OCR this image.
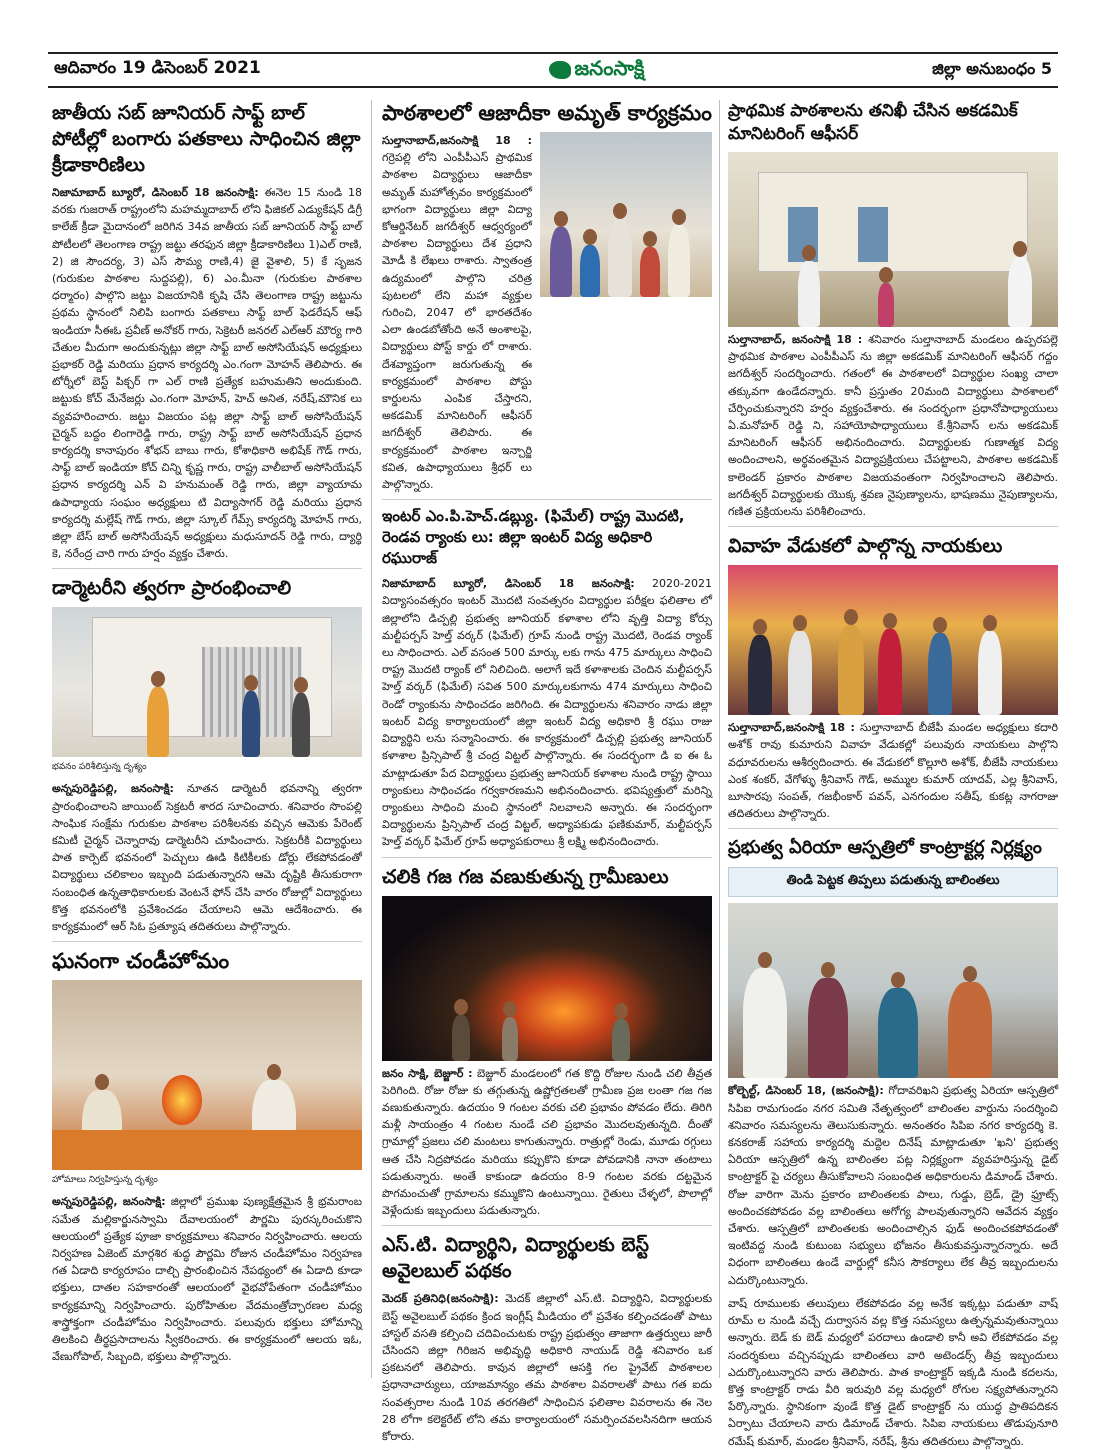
ఆదివారం 19 డిసెంబర్ 2021	జనంసాక్షి	జిల్లా అనుబంధం 5
జాతీయ సబ్ జూనియర్ సాఫ్ట్ బాల్ పోటీల్లో బంగారు పతకాలు సాధించిన జిల్లా క్రీడాకారిణిలు

నిజామాబాద్ బ్యూరో, డిసెంబర్ 18 జనంసాక్షి: ఈనెల 15 నుండి 18 వరకు గుజరాత్ రాష్ట్రంలోని మహమ్మదాబాద్ లోని ఫిజికల్ ఎడ్యుకేషన్ డిగ్రీ కాలేజ్ క్రీడా మైదానంలో జరిగిన 34వ జాతీయ సబ్ జూనియర్ సాఫ్ట్ బాల్ పోటీలలో తెలంగాణ రాష్ట్ర జట్టు తరఫున జిల్లా క్రీడాకారిణిలు 1)ఎల్ రాణి, 2) జి సౌందర్య, 3) ఎస్ సౌమ్య రాణి,4) జై వైశాలి, 5) కే సృజన (గురుకుల పాఠశాల సుద్దపల్లి), 6) ఎం.మీనా (గురుకుల పాఠశాల ధర్మారం) పాల్గొని జట్టు విజయానికి కృషి చేసి తెలంగాణ రాష్ట్ర జట్టును ప్రథమ స్థానంలో నిలిపి బంగారు పతకాలు సాఫ్ట్ బాల్ ఫెడరేషన్ ఆఫ్ ఇండియా సీఈఓ ప్రవీణ్ అనోకర్ గారు, సెక్రెటరీ జనరల్ ఎల్ఆర్ మౌర్య గారి చేతుల మీదుగా అందుకున్నట్లు జిల్లా సాఫ్ట్ బాల్ అసోసియేషన్ అధ్యక్షులు ప్రభాకర్ రెడ్డి మరియు ప్రధాన కార్యదర్శి ఎం.గంగా మోహన్ తెలిపారు. ఈ టోర్నీలో బెస్ట్ పిక్చర్ గా ఎల్ రాణి ప్రత్యేక బహుమతిని అందుకుంది. జట్టుకు కోచ్ మేనేజర్లు ఎం.గంగా మోహన్, హెచ్ అనిత, నరేష్,మౌనిక లు వ్యవహరించారు. జట్టు విజయం పట్ల జిల్లా సాఫ్ట్ బాల్ అసోసియేషన్ చైర్మన్ బద్దం లింగారెడ్డి గారు, రాష్ట్ర సాఫ్ట్ బాల్ అసోసియేషన్ ప్రధాన కార్యదర్శి కానాపురం శోభన్ బాబు గారు, కోశాధికారి అభిషేక్ గౌడ్ గారు, సాఫ్ట్ బాల్ ఇండియా కోచ్ చిన్ని కృష్ణ గారు, రాష్ట్ర వాలీబాల్ అసోసియేషన్ ప్రధాన కార్యదర్శి ఎన్ వి హనుమంత్ రెడ్డి గారు, జిల్లా వ్యాయామ ఉపాధ్యాయ సంఘం అధ్యక్షులు టి విద్యాసాగర్ రెడ్డి మరియు ప్రధాన కార్యదర్శి మల్లేష్ గౌడ్ గారు, జిల్లా స్కూల్ గేమ్స్ కార్యదర్శి మోహన్ గారు, జిల్లా బేస్ బాల్ అసోసియేషన్ అధ్యక్షులు మధుసూదన్ రెడ్డి గారు, ద్యార్థి కె, నరేంద్ర చారి గారు హర్షం వ్యక్తం చేశారు.

డార్మెటరీని త్వరగా ప్రారంభించాలి
భవనం పరిశీలిస్తున్న దృశ్యం

అన్నపురెడ్డిపల్లి, జనంసాక్షి: నూతన డార్మెటరీ భవనాన్ని త్వరగా ప్రారంభించాలని జాయింట్ సెక్రటరీ శారద సూచించారు. శనివారం సొంపల్లి సాంఘిక సంక్షేమ గురుకుల పాఠశాల పరిశీలనకు వచ్చిన ఆమెకు పేరెంట్ కమిటీ చైర్మన్ చెన్నారావు డార్మెటరీని చూపించారు. సెక్రటరీకి విద్యార్థులు పాత కార్పెట్ భవనంలో పెచ్చులు ఊడి కిటికీలకు డోర్లు లేకపోవడంతో విద్యార్థులు చలికాలం ఇబ్బంది పడుతున్నారని ఆమె దృష్టికి తీసుకురాగా సంబంధిత ఉన్నతాధికారులకు వెంటనే ఫోన్ చేసి వారం రోజుల్లో విద్యార్థులు కొత్త భవనంలోకి ప్రవేశించడం చేయాలని ఆమె ఆదేశించారు. ఈ కార్యక్రమంలో ఆర్ సిఓ ప్రత్యూష తదితరులు పాల్గొన్నారు.

ఘనంగా చండీహోమం
హోమాలు నిర్వహిస్తున్న దృశ్యం

అన్నపురెడ్డిపల్లి, జనంసాక్షి: జిల్లాలో ప్రముఖ పుణ్యక్షేత్రమైన శ్రీ భ్రమరాంబ సమేత మల్లికార్జునస్వామి దేవాలయంలో పౌర్ణమి పురస్కరించుకొని ఆలయంలో ప్రత్యేక పూజా కార్యక్రమాలు శనివారం నిర్వహించారు. ఆలయ నిర్వహణ ఏజెంట్ మార్గశిర శుద్ధ పౌర్ణమి రోజున చండీహోమం నిర్వహణ గత ఏడాది కార్యరూపం దాల్చి ప్రారంభించిన నేపథ్యంలో ఈ ఏడాది కూడా భక్తులు, దాతల సహకారంతో ఆలయంలో వైభవోపేతంగా చండీహోమం కార్యక్రమాన్ని నిర్వహించారు. పురోహితుల వేదమంత్రోచ్ఛారణల మధ్య శాస్త్రోక్తంగా చండీహోమం నిర్వహించారు. పలువురు భక్తులు హోమాన్ని తిలకించి తీర్థప్రసాదాలను స్వీకరించారు. ఈ కార్యక్రమంలో ఆలయ ఇఓ, వేణుగోపాల్, సిబ్బంది, భక్తులు పాల్గొన్నారు.

పాఠశాలలో ఆజాదీకా అమృత్ కార్యక్రమం

సుల్తానాబాద్,జనంసాక్షి 18 : గర్రెపల్లి లోని ఎంపీపీఎస్ ప్రాథమిక పాఠశాల విద్యార్థులు ఆజాదీకా అమృత్ మహోత్సవం కార్యక్రమంలో భాగంగా విద్యార్థులు జిల్లా విద్యా కోఆర్డినేటర్ జగదీశ్వర్ ఆధ్వర్యంలో పాఠశాల విద్యార్థులు దేశ ప్రధాని మోడీ కి లేఖలు రాశారు. స్వాతంత్ర ఉద్యమంలో పాల్గొని చరిత్ర పుటలలో లేని మహా వ్యక్తుల గురించి, 2047 లో భారతదేశం ఎలా ఉండబోతోంది అనే అంశాలపై, విద్యార్థులు పోస్ట్ కార్డు లో రాశారు. దేశవ్యాప్తంగా జరుగుతున్న ఈ కార్యక్రమంలో పాఠశాల పోస్టు కార్డులను ఎంపిక చేస్తారని, అకడమిక్ మానిటరింగ్ ఆఫీసర్ జగదీశ్వర్ తెలిపారు. ఈ కార్యక్రమంలో పాఠశాల ఇన్చార్జి కవిత, ఉపాధ్యాయులు శ్రీధర్ లు పాల్గొన్నారు.

ఇంటర్ ఎం.పి.హెచ్.డబ్ల్యు. (ఫిమేల్) రాష్ట్ర మొదటి, రెండవ ర్యాంకు లు: జిల్లా ఇంటర్ విద్య అధికారి రఘురాజ్

నిజామాబాద్ బ్యూరో, డిసెంబర్ 18 జనంసాక్షి: 2020-2021 విద్యాసంవత్సరం ఇంటర్ మొదటి సంవత్సరం విద్యార్థుల పరీక్షల ఫలితాల లో జిల్లాలోని డిచ్పల్లి ప్రభుత్వ జూనియర్ కళాశాల లోని వృత్తి విద్యా కోర్సు మల్టీపర్పస్ హెల్త్ వర్కర్ (ఫిమేల్) గ్రూప్ నుండి రాష్ట్ర మొదటి, రెండవ ర్యాంక్ లు సాధించారు. ఎల్ వసంత 500 మార్కు లకు గాను 475 మార్కులు సాధించి రాష్ట్ర మొదటి ర్యాంక్ లో నిలిచింది. అలాగే ఇదే కళాశాలకు చెందిన మల్టీపర్పస్ హెల్త్ వర్కర్ (ఫిమేల్) సవిత 500 మార్కులకుగాను 474 మార్కులు సాధించి రెండో ర్యాంకును సాధించడం జరిగింది. ఈ విద్యార్థులను శనివారం నాడు జిల్లా ఇంటర్ విద్య కార్యాలయంలో జిల్లా ఇంటర్ విద్య అధికారి శ్రీ రఘు రాజు విద్యార్థిని లను సన్మానించారు. ఈ కార్యక్రమంలో డిచ్పల్లి ప్రభుత్వ జూనియర్ కళాశాల ప్రిన్సిపాల్ శ్రీ చంద్ర విట్టల్ పాల్గొన్నారు. ఈ సందర్భంగా డి ఐ ఈ ఓ మాట్లాడుతూ పేద విద్యార్థులు ప్రభుత్వ జూనియర్ కళాశాల నుండి రాష్ట్ర స్థాయి ర్యాంకులు సాధించడం గర్వకారణమని అభినందించారు. భవిష్యత్తులో మరిన్ని ర్యాంకులు సాధించి మంచి స్థానంలో నిలవాలని అన్నారు. ఈ సందర్భంగా విద్యార్థులను ప్రిన్సిపాల్ చంద్ర విట్టల్, అధ్యాపకుడు ఫణికుమార్, మల్టీపర్పస్ హెల్త్ వర్కర్ ఫిమేల్ గ్రూప్ అధ్యాపకురాలు శ్రీ లక్ష్మి అభినందించారు.

చలికి గజ గజ వణుకుతున్న గ్రామీణులు

జనం సాక్షి, బెజ్జూర్ : బెజ్జూర్ మండలంలో గత కొద్ది రోజుల నుండి చలి తీవ్రత పెరిగింది. రోజు రోజు కు తగ్గుతున్న ఉష్ణోగ్రతలతో గ్రామీణ ప్రజ లంతా గజ గజ వణుకుతున్నారు. ఉదయం 9 గంటల వరకు చలి ప్రభావం పోవడం లేదు. తిరిగి మళ్లీ సాయంత్రం 4 గంటల నుండే చలి ప్రభావం మొదలవుతున్నది. దీంతో గ్రామాల్లో ప్రజలు చలి మంటలు కాగుతున్నారు. రాత్రుల్లో రెండు, మూడు రగ్గులు ఆత చేసి నిద్రపోవడం మరియు కప్పుకొని కూడా పోవడానికి నానా తంటాలు పడుతున్నారు. అంతే కాకుండా ఉదయం 8-9 గంటల వరకు దట్టమైన పొగమంచుతో గ్రామాలను కమ్ముకొని ఉంటున్నాయి. రైతులు చేళ్ళలో, పొలాల్లో వెళ్లేందుకు ఇబ్బందులు పడుతున్నారు.

ఎస్.టి. విద్యార్థిని, విద్యార్థులకు బెస్ట్ అవైలబుల్ పథకం

మెదక్ ప్రతినిధి(జనంసాక్షి): మెదక్ జిల్లాలో ఎస్.టి. విద్యార్థిని, విద్యార్థులకు బెస్ట్ అవైలబుల్ పథకం క్రింద ఇంగ్లీష్ మీడియం లో ప్రవేశం కల్పించడంతో పాటు హాస్టల్ వసతి కల్పించి చదివించుటకు రాష్ట్ర ప్రభుత్వం తాజాగా ఉత్తర్వులు జారీ చేసిందని జిల్లా గిరిజన అభివృద్ధి అధికారి నాయుడ్ రెడ్డి శనివారం ఒక ప్రకటనలో తెలిపారు. కావున జిల్లాలో ఆసక్తి గల ప్రైవేట్ పాఠశాలల ప్రధానాచార్యులు, యాజమాన్యం తమ పాఠశాల వివరాలతో పాటు గత ఐదు సంవత్సరాల నుండి 10వ తరగతిలో సాధించిన ఫలితాల వివరాలను ఈ నెల 28 లోగా కలెక్టరేట్ లోని తమ కార్యాలయంలో సమర్పించవలసినదిగా ఆయన కోరారు.

ప్రాథమిక పాఠశాలను తనిఖీ చేసిన అకడమిక్ మానిటరింగ్ ఆఫీసర్

సుల్తానాబాద్, జనంసాక్షి 18 : శనివారం సుల్తానాబాద్ మండలం ఉప్పరపల్లె ప్రాథమిక పాఠశాల ఎంపీపీఎస్ ను జిల్లా అకడమిక్ మానిటరింగ్ ఆఫీసర్ గద్దం జగదీశ్వర్ సందర్శించారు. గతంలో ఈ పాఠశాలలో విద్యార్థుల సంఖ్య చాలా తక్కువగా ఉండేదన్నారు. కానీ ప్రస్తుతం 20మంది విద్యార్థులు పాఠశాలలో చేర్పించుకున్నారని హర్షం వ్యక్తంచేశారు. ఈ సందర్భంగా ప్రధానోపాధ్యాయులు ఏ.మనోహర్ రెడ్డి ని, సహాయోపాధ్యాయులు కే.శ్రీనివాస్ లను అకడమిక్ మానిటరింగ్ ఆఫీసర్ అభినందించారు. విద్యార్థులకు గుణాత్మక విద్య అందించాలని, అర్థవంతమైన విద్యాప్రక్రియలు చేపట్టాలని, పాఠశాల అకడమిక్ కాలెండర్ ప్రకారం పాఠశాల విజయవంతంగా నిర్వహించాలని తెలిపారు. జగదీశ్వర్ విద్యార్థులకు యొక్క శ్రవణ నైపుణ్యాలను, భాషణము నైపుణ్యాలను, గణిత ప్రక్రియలను పరిశీలించారు.

వివాహ వేడుకలో పాల్గొన్న నాయకులు

సుల్తానాబాద్,జనంసాక్షి 18 : సుల్తానాబాద్ బీజేపీ మండల అధ్యక్షులు కదారి అశోక్ రావు కుమారుని వివాహ వేడుకల్లో పలువురు నాయకులు పాల్గొని వధూవరులను ఆశీర్వదించారు. ఈ వేడుకలో కొల్లూరి అశోక్, బీజేపీ నాయకులు ఎంక శంకర్, వేగోళ్ళు శ్రీనివాస్ గౌడ్, అమ్ముల కుమార్ యాదవ్, ఎల్ల శ్రీనివాస్, బూసారపు సంపత్, గజభీంకార్ పవన్, ఎనగందుల సతీష్, కుకట్ల నాగరాజు తదితరులు పాల్గొన్నారు.

ప్రభుత్వ ఏరియా ఆస్పత్రిలో కాంట్రాక్టర్ల నిర్లక్ష్యం
తిండి పెట్టక తిప్పలు పడుతున్న బాలింతలు

కోల్బెల్ట్, డిసెంబర్ 18, (జనంసాక్షి): గోదావరిఖని ప్రభుత్వ ఏరియా ఆస్పత్రిలో సిపిఐ రామగుండం నగర సమితి నేతృత్వంలో బాలింతల వార్డును సందర్శించి శనివారం సమస్యలను తెలుసుకున్నారు. అనంతరం సిపిఐ నగర కార్యదర్శి కె. కనకరాజ్ సహాయ కార్యదర్శి మద్దెల దినేష్ మాట్లాడుతూ 'ఖని' ప్రభుత్వ ఏరియా ఆస్పత్రిలో ఉన్న బాలింతల పట్ల నిర్లక్ష్యంగా వ్యవహరిస్తున్న డైట్ కాంట్రాక్టర్ పై చర్యలు తీసుకోవాలని సంబంధిత అధికారులను డిమాండ్ చేశారు. రోజు వారిగా మెను ప్రకారం బాలింతలకు పాలు, గుడ్డు, బ్రెడ్, డ్రై ఫ్రూట్స్ అందించకపోవడం వల్ల బాలింతలు అగోగ్య పాలవుతున్నారని ఆవేదన వ్యక్తం చేశారు. ఆస్పత్రిలో బాలింతలకు అందించాల్సిన ఫుడ్ అందించకపోవడంతో ఇంటివద్ద నుండి కుటుంబ సభ్యులు భోజనం తీసుకువస్తున్నారన్నారు. అదే విధంగా బాలింతలు ఉండే వార్డుల్లో కనీస సౌకర్యాలు లేక తీవ్ర ఇబ్బందులను ఎదుర్కొంటున్నారు.

వాష్ రూములకు తలుపులు లేకపోవడం వల్ల అనేక ఇక్కట్లు పడుతూ వాష్ రూమ్ ల నుండి వచ్చే దుర్వాసన వల్ల కొత్త సమస్యలు ఉత్పన్నమవుతున్నాయి అన్నారు. బెడ్ కు బెడ్ మధ్యలో పరదాలు ఉండాలి కానీ అవి లేకపోవడం వల్ల సందర్శకులు వచ్చినప్పుడు బాలింతలు వారి అటెండర్స్ తీవ్ర ఇబ్బందులు ఎదుర్కొంటున్నారని వారు తెలిపారు. పాత కాంట్రాక్టర్ ఇక్కడి నుండి కదలను, కొత్త కాంట్రాక్టర్ రాడు వీరి ఇరువురి వల్ల మధ్యలో రోగుల సక్ష్యపోతున్నారని పేర్కొన్నారు. స్థానికంగా వుండే కొత్త డైట్ కాంట్రాక్టర్ ను యుద్ధ ప్రాతిపదికన ఏర్పాటు చేయాలని వారు డిమాండ్ చేశారు. సిపిఐ నాయకులు తొడుపునూరి రమేష్ కుమార్, మండల శ్రీనివాస్, నరేష్, శ్రీను తదితరులు పాల్గొన్నారు.
